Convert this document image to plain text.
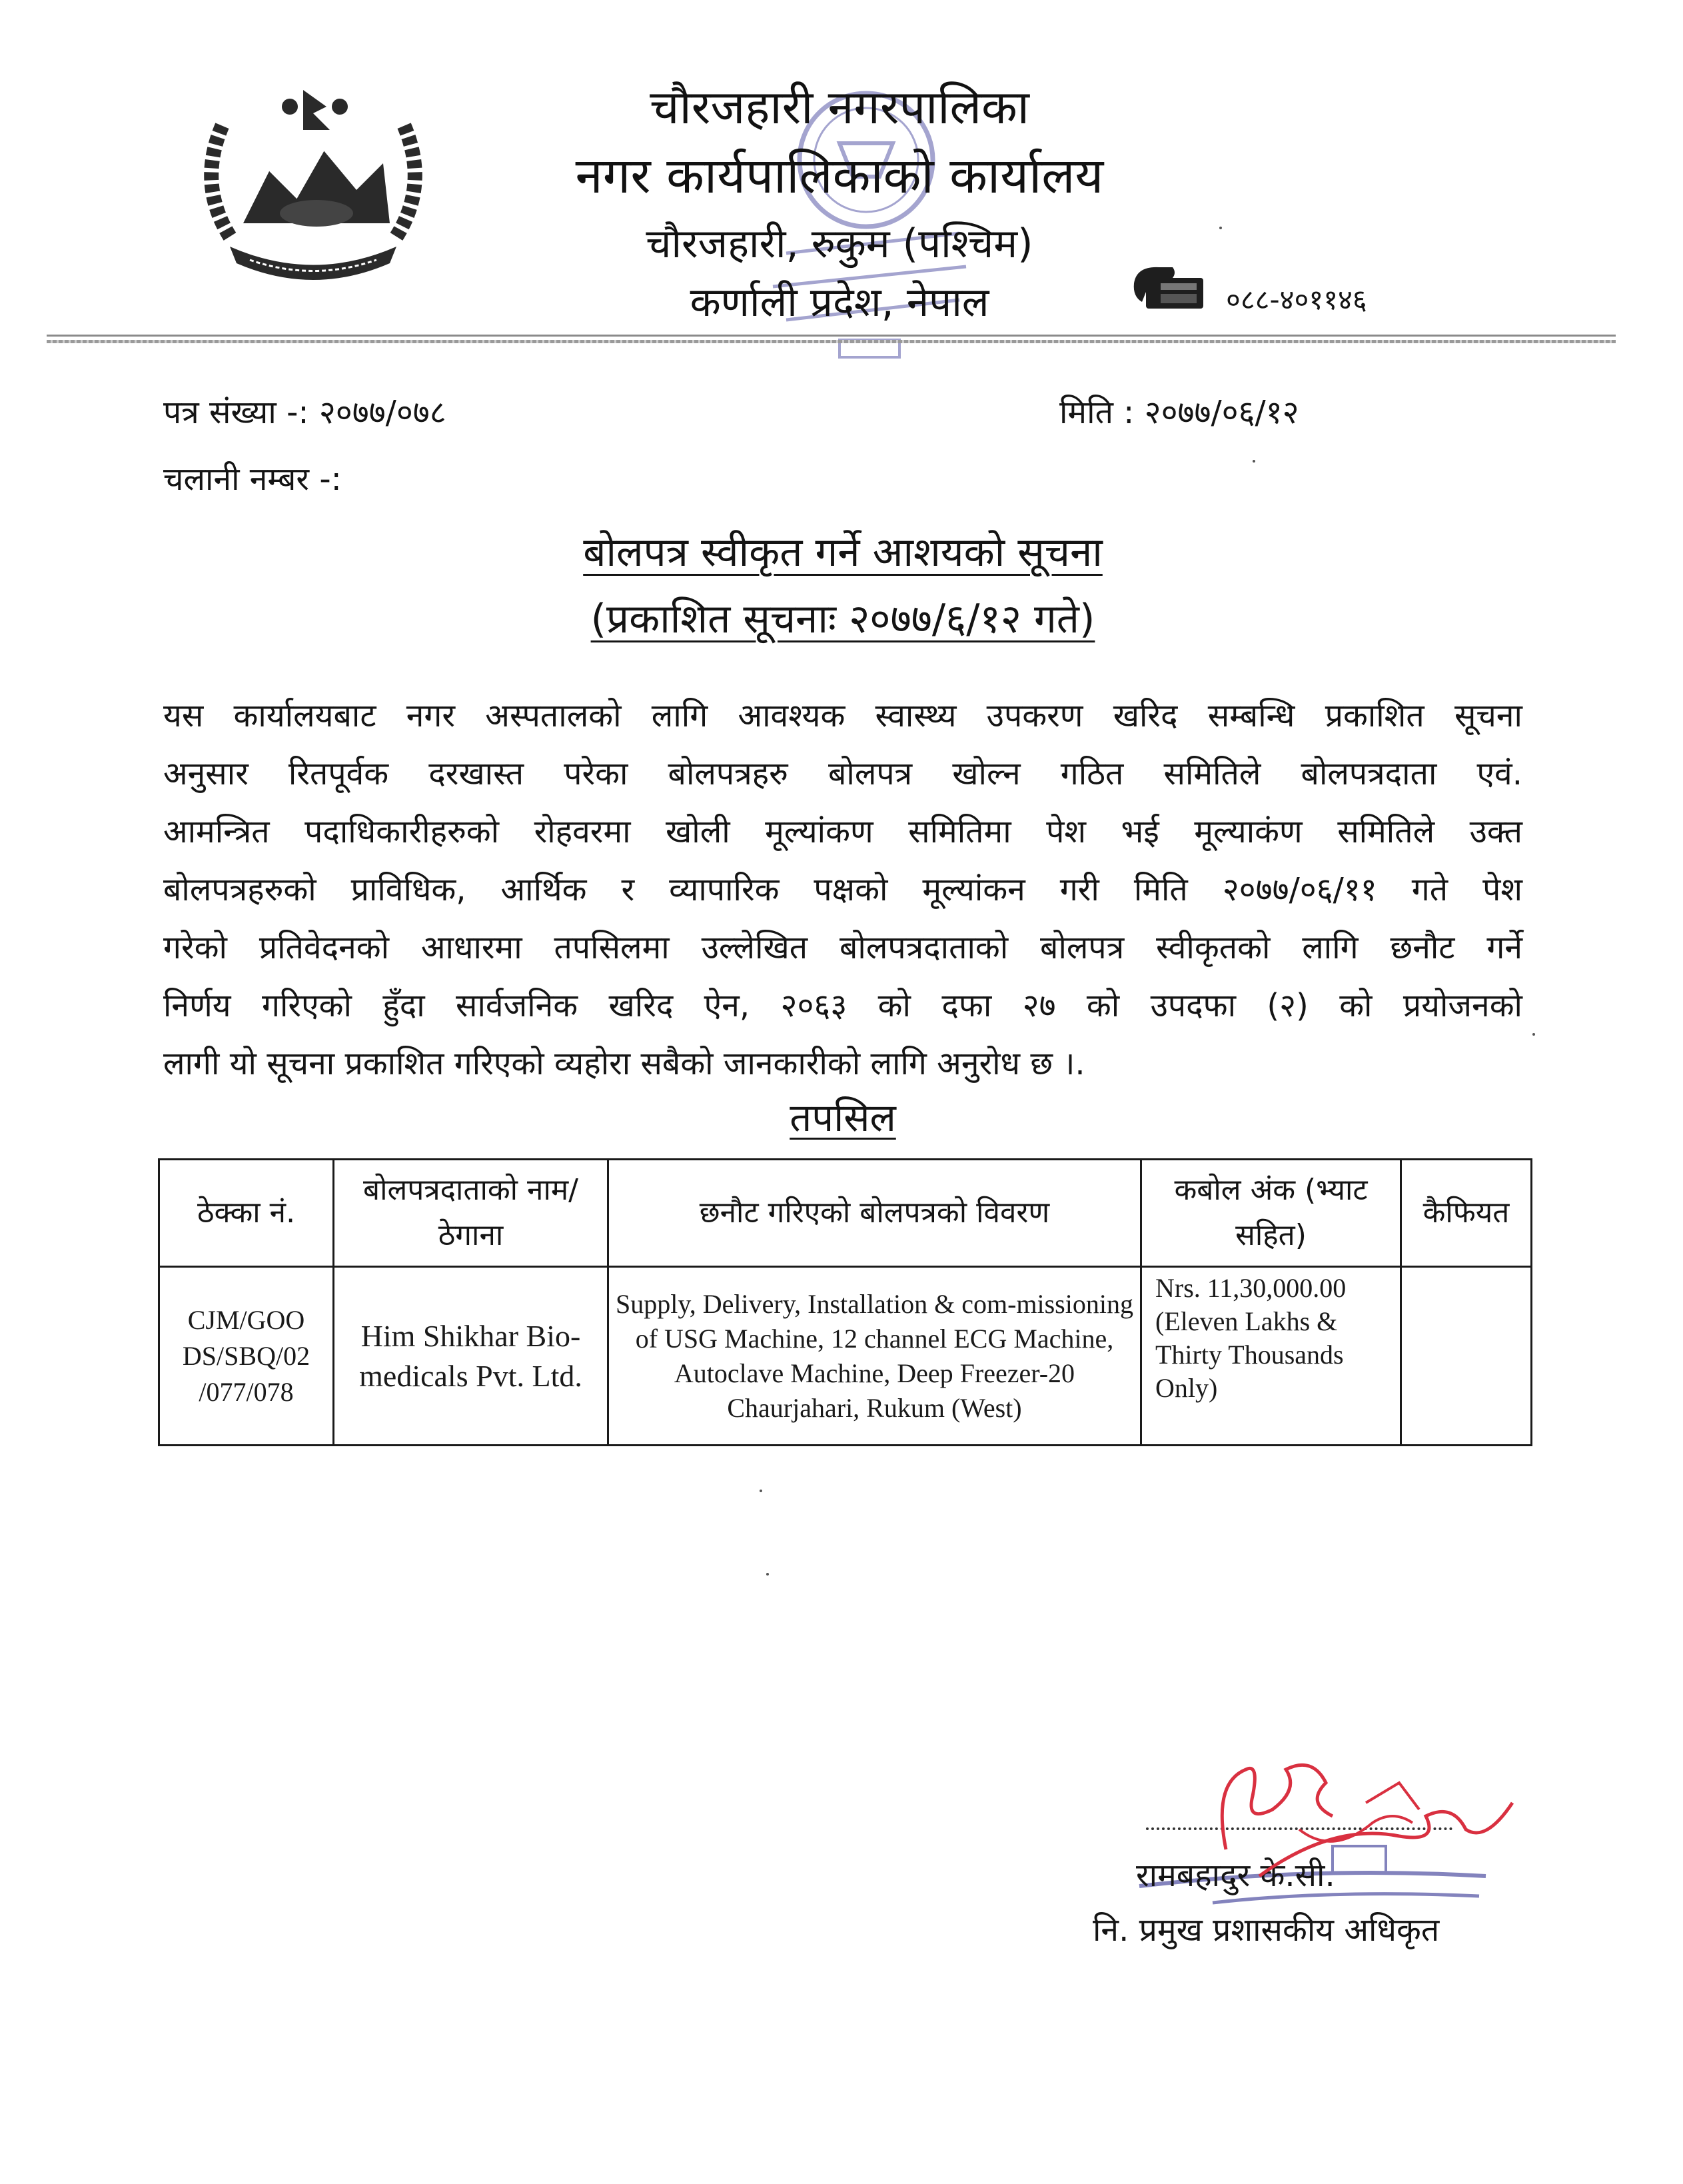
चौरजहारी नगरपालिका
नगर कार्यपालिकाको कार्यालय
चौरजहारी, रुकुम (पश्चिम)
कर्णाली प्रदेश, नेपाल	०८८-४०११४६
पत्र संख्या -: २०७७/०७८	मिति : २०७७/०६/१२
चलानी नम्बर -:
बोलपत्र स्वीकृत गर्ने आशयको सूचना
(प्रकाशित सूचनाः २०७७/६/१२ गते)
यस कार्यालयबाट नगर अस्पतालको लागि आवश्यक स्वास्थ्य उपकरण खरिद सम्बन्धि प्रकाशित सूचना
अनुसार रितपूर्वक दरखास्त परेका बोलपत्रहरु बोलपत्र खोल्न गठित समितिले बोलपत्रदाता एवं.
आमन्त्रित पदाधिकारीहरुको रोहवरमा खोली मूल्यांकण समितिमा पेश भई मूल्याकंण समितिले उक्त
बोलपत्रहरुको प्राविधिक, आर्थिक र व्यापारिक पक्षको मूल्यांकन गरी मिति २०७७/०६/११ गते पेश
गरेको प्रतिवेदनको आधारमा तपसिलमा उल्लेखित बोलपत्रदाताको बोलपत्र स्वीकृतको लागि छनौट गर्ने
निर्णय गरिएको हुँदा सार्वजनिक खरिद ऐन, २०६३ को दफा २७ को उपदफा (२) को प्रयोजनको
लागी यो सूचना प्रकाशित गरिएको व्यहोरा सबैको जानकारीको लागि अनुरोध छ ।.
तपसिल
ठेक्का नं.	बोलपत्रदाताको नाम/ठेगाना	छनौट गरिएको बोलपत्रको विवरण	कबोल अंक (भ्याट सहित)	कैफियत
CJM/GOO DS/SBQ/02 /077/078	Him Shikhar Bio-medicals Pvt. Ltd.	Supply, Delivery, Installation & com-missioning of USG Machine, 12 channel ECG Machine, Autoclave Machine, Deep Freezer-20 Chaurjahari, Rukum (West)	Nrs. 11,30,000.00 (Eleven Lakhs & Thirty Thousands Only)	
रामबहादुर के.सी.
नि. प्रमुख प्रशासकीय अधिकृत
